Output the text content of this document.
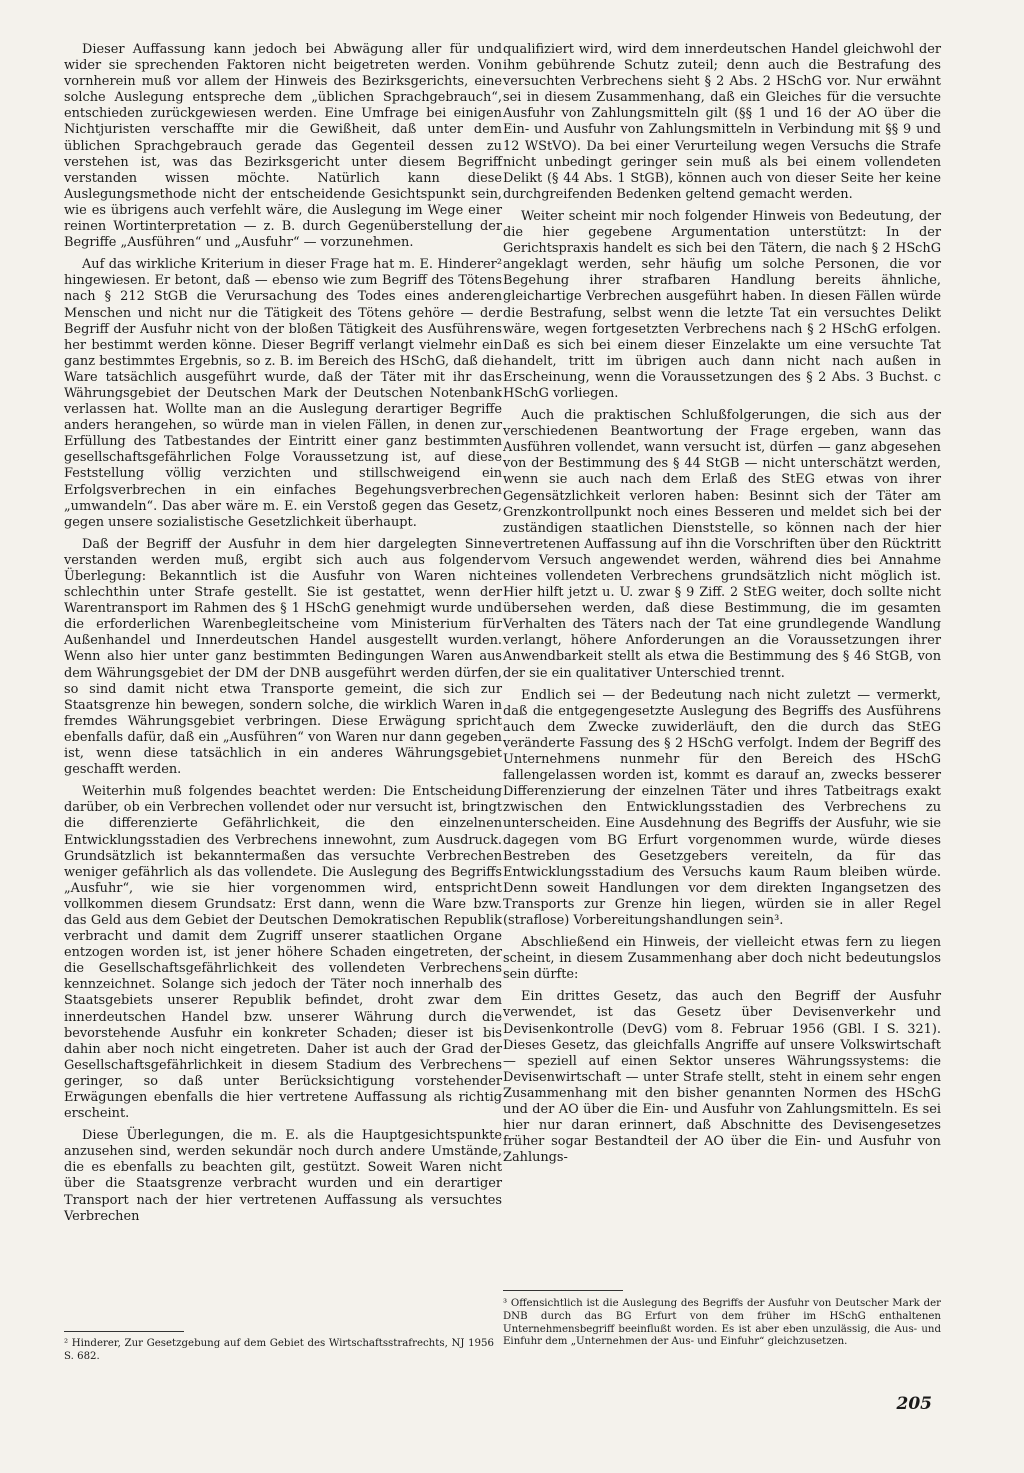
Dieser Auffassung kann jedoch bei Abwägung aller für und wider sie sprechenden Faktoren nicht beigetreten werden. Von vornherein muß vor allem der Hinweis des Bezirksgerichts, eine solche Auslegung entspreche dem „üblichen Sprachgebrauch“, entschieden zurückgewiesen werden. Eine Umfrage bei einigen Nichtjuristen verschaffte mir die Gewißheit, daß unter dem üblichen Sprachgebrauch gerade das Gegenteil dessen zu verstehen ist, was das Bezirksgericht unter diesem Begriff verstanden wissen möchte. Natürlich kann diese Auslegungsmethode nicht der entscheidende Gesichtspunkt sein, wie es übrigens auch verfehlt wäre, die Auslegung im Wege einer reinen Wortinterpretation — z. B. durch Gegenüberstellung der Begriffe „Ausführen“ und „Ausfuhr“ — vorzunehmen.

Auf das wirkliche Kriterium in dieser Frage hat m. E. Hinderer² hingewiesen. Er betont, daß — ebenso wie zum Begriff des Tötens nach § 212 StGB die Verursachung des Todes eines anderen Menschen und nicht nur die Tätigkeit des Tötens gehöre — der Begriff der Ausfuhr nicht von der bloßen Tätigkeit des Ausführens her bestimmt werden könne. Dieser Begriff verlangt vielmehr ein ganz bestimmtes Ergebnis, so z. B. im Bereich des HSchG, daß die Ware tatsächlich ausgeführt wurde, daß der Täter mit ihr das Währungsgebiet der Deutschen Mark der Deutschen Notenbank verlassen hat. Wollte man an die Auslegung derartiger Begriffe anders herangehen, so würde man in vielen Fällen, in denen zur Erfüllung des Tatbestandes der Eintritt einer ganz bestimmten gesellschaftsgefährlichen Folge Voraussetzung ist, auf diese Feststellung völlig verzichten und stillschweigend ein Erfolgsverbrechen in ein einfaches Begehungsverbrechen „umwandeln“. Das aber wäre m. E. ein Verstoß gegen das Gesetz, gegen unsere sozialistische Gesetzlichkeit überhaupt.

Daß der Begriff der Ausfuhr in dem hier dargelegten Sinne verstanden werden muß, ergibt sich auch aus folgender Überlegung: Bekanntlich ist die Ausfuhr von Waren nicht schlechthin unter Strafe gestellt. Sie ist gestattet, wenn der Warentransport im Rahmen des § 1 HSchG genehmigt wurde und die erforderlichen Warenbegleitscheine vom Ministerium für Außenhandel und Innerdeutschen Handel ausgestellt wurden. Wenn also hier unter ganz bestimmten Bedingungen Waren aus dem Währungsgebiet der DM der DNB ausgeführt werden dürfen, so sind damit nicht etwa Transporte gemeint, die sich zur Staatsgrenze hin bewegen, sondern solche, die wirklich Waren in fremdes Währungsgebiet verbringen. Diese Erwägung spricht ebenfalls dafür, daß ein „Ausführen“ von Waren nur dann gegeben ist, wenn diese tatsächlich in ein anderes Währungsgebiet geschafft werden.

Weiterhin muß folgendes beachtet werden: Die Entscheidung darüber, ob ein Verbrechen vollendet oder nur versucht ist, bringt die differenzierte Gefährlichkeit, die den einzelnen Entwicklungsstadien des Verbrechens innewohnt, zum Ausdruck. Grundsätzlich ist bekanntermaßen das versuchte Verbrechen weniger gefährlich als das vollendete. Die Auslegung des Begriffs „Ausfuhr“, wie sie hier vorgenommen wird, entspricht vollkommen diesem Grundsatz: Erst dann, wenn die Ware bzw. das Geld aus dem Gebiet der Deutschen Demokratischen Republik verbracht und damit dem Zugriff unserer staatlichen Organe entzogen worden ist, ist jener höhere Schaden eingetreten, der die Gesellschaftsgefährlichkeit des vollendeten Verbrechens kennzeichnet. Solange sich jedoch der Täter noch innerhalb des Staatsgebiets unserer Republik befindet, droht zwar dem innerdeutschen Handel bzw. unserer Währung durch die bevorstehende Ausfuhr ein konkreter Schaden; dieser ist bis dahin aber noch nicht eingetreten. Daher ist auch der Grad der Gesellschaftsgefährlichkeit in diesem Stadium des Verbrechens geringer, so daß unter Berücksichtigung vorstehender Erwägungen ebenfalls die hier vertretene Auffassung als richtig erscheint.

Diese Überlegungen, die m. E. als die Hauptgesichtspunkte anzusehen sind, werden sekundär noch durch andere Umstände, die es ebenfalls zu beachten gilt, gestützt. Soweit Waren nicht über die Staatsgrenze verbracht wurden und ein derartiger Transport nach der hier vertretenen Auffassung als versuchtes Verbrechen

qualifiziert wird, wird dem innerdeutschen Handel gleichwohl der ihm gebührende Schutz zuteil; denn auch die Bestrafung des versuchten Verbrechens sieht § 2 Abs. 2 HSchG vor. Nur erwähnt sei in diesem Zusammenhang, daß ein Gleiches für die versuchte Ausfuhr von Zahlungsmitteln gilt (§§ 1 und 16 der AO über die Ein- und Ausfuhr von Zahlungsmitteln in Verbindung mit §§ 9 und 12 WStVO). Da bei einer Verurteilung wegen Versuchs die Strafe nicht unbedingt geringer sein muß als bei einem vollendeten Delikt (§ 44 Abs. 1 StGB), können auch von dieser Seite her keine durchgreifenden Bedenken geltend gemacht werden.

Weiter scheint mir noch folgender Hinweis von Bedeutung, der die hier gegebene Argumentation unterstützt: In der Gerichtspraxis handelt es sich bei den Tätern, die nach § 2 HSchG angeklagt werden, sehr häufig um solche Personen, die vor Begehung ihrer strafbaren Handlung bereits ähnliche, gleichartige Verbrechen ausgeführt haben. In diesen Fällen würde die Bestrafung, selbst wenn die letzte Tat ein versuchtes Delikt wäre, wegen fortgesetzten Verbrechens nach § 2 HSchG erfolgen. Daß es sich bei einem dieser Einzelakte um eine versuchte Tat handelt, tritt im übrigen auch dann nicht nach außen in Erscheinung, wenn die Voraussetzungen des § 2 Abs. 3 Buchst. c HSchG vorliegen.

Auch die praktischen Schlußfolgerungen, die sich aus der verschiedenen Beantwortung der Frage ergeben, wann das Ausführen vollendet, wann versucht ist, dürfen — ganz abgesehen von der Bestimmung des § 44 StGB — nicht unterschätzt werden, wenn sie auch nach dem Erlaß des StEG etwas von ihrer Gegensätzlichkeit verloren haben: Besinnt sich der Täter am Grenzkontrollpunkt noch eines Besseren und meldet sich bei der zuständigen staatlichen Dienststelle, so können nach der hier vertretenen Auffassung auf ihn die Vorschriften über den Rücktritt vom Versuch angewendet werden, während dies bei Annahme eines vollendeten Verbrechens grundsätzlich nicht möglich ist. Hier hilft jetzt u. U. zwar § 9 Ziff. 2 StEG weiter, doch sollte nicht übersehen werden, daß diese Bestimmung, die im gesamten Verhalten des Täters nach der Tat eine grundlegende Wandlung verlangt, höhere Anforderungen an die Voraussetzungen ihrer Anwendbarkeit stellt als etwa die Bestimmung des § 46 StGB, von der sie ein qualitativer Unterschied trennt.

Endlich sei — der Bedeutung nach nicht zuletzt — vermerkt, daß die entgegengesetzte Auslegung des Begriffs des Ausführens auch dem Zwecke zuwiderläuft, den die durch das StEG veränderte Fassung des § 2 HSchG verfolgt. Indem der Begriff des Unternehmens nunmehr für den Bereich des HSchG fallengelassen worden ist, kommt es darauf an, zwecks besserer Differenzierung der einzelnen Täter und ihres Tatbeitrags exakt zwischen den Entwicklungsstadien des Verbrechens zu unterscheiden. Eine Ausdehnung des Begriffs der Ausfuhr, wie sie dagegen vom BG Erfurt vorgenommen wurde, würde dieses Bestreben des Gesetzgebers vereiteln, da für das Entwicklungsstadium des Versuchs kaum Raum bleiben würde. Denn soweit Handlungen vor dem direkten Ingangsetzen des Transports zur Grenze hin liegen, würden sie in aller Regel (straflose) Vorbereitungshandlungen sein³.

Abschließend ein Hinweis, der vielleicht etwas fern zu liegen scheint, in diesem Zusammenhang aber doch nicht bedeutungslos sein dürfte:

Ein drittes Gesetz, das auch den Begriff der Ausfuhr verwendet, ist das Gesetz über Devisenverkehr und Devisenkontrolle (DevG) vom 8. Februar 1956 (GBl. I S. 321). Dieses Gesetz, das gleichfalls Angriffe auf unsere Volkswirtschaft — speziell auf einen Sektor unseres Währungssystems: die Devisenwirtschaft — unter Strafe stellt, steht in einem sehr engen Zusammenhang mit den bisher genannten Normen des HSchG und der AO über die Ein- und Ausfuhr von Zahlungsmitteln. Es sei hier nur daran erinnert, daß Abschnitte des Devisengesetzes früher sogar Bestandteil der AO über die Ein- und Ausfuhr von Zahlungs-

² Hinderer, Zur Gesetzgebung auf dem Gebiet des Wirtschaftsstrafrechts, NJ 1956 S. 682.

³ Offensichtlich ist die Auslegung des Begriffs der Ausfuhr von Deutscher Mark der DNB durch das BG Erfurt von dem früher im HSchG enthaltenen Unternehmensbegriff beeinflußt worden. Es ist aber eben unzulässig, die Aus- und Einfuhr dem „Unternehmen der Aus- und Einfuhr“ gleichzusetzen.

205
